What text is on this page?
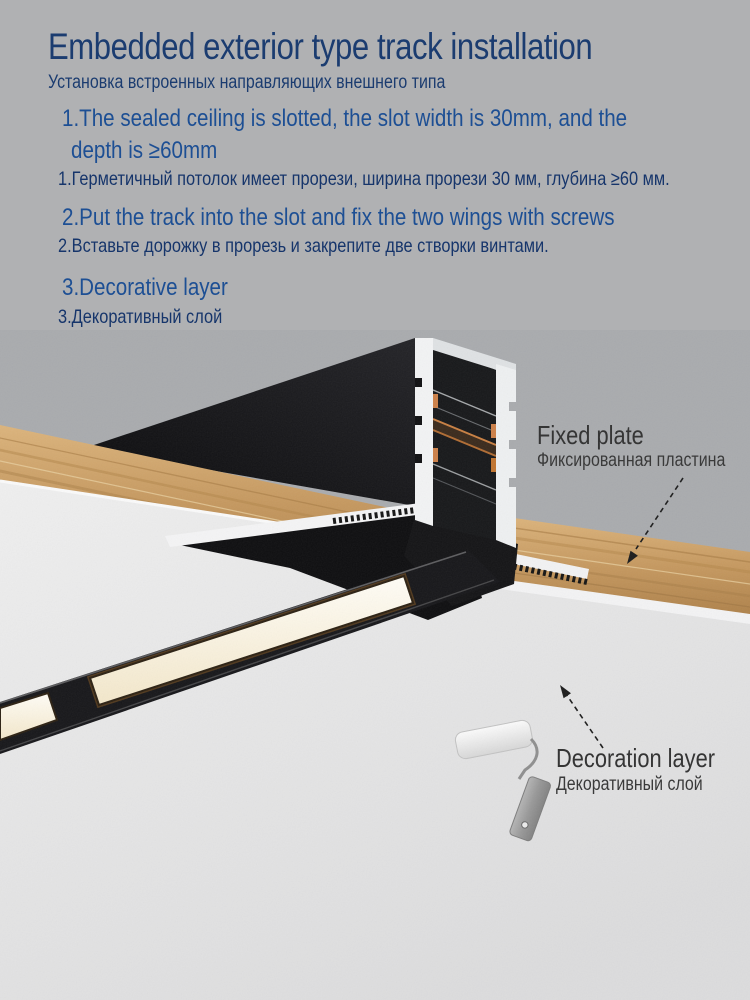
Embedded exterior type track installation
Установка встроенных направляющих внешнего типа
1.The sealed ceiling is slotted, the slot width is 30mm, and the
depth is ≥60mm
1.Герметичный потолок имеет прорези, ширина прорези 30 мм, глубина ≥60 мм.
2.Put the track into the slot and fix the two wings with screws
2.Вставьте дорожку в прорезь и закрепите две створки винтами.
3.Decorative layer
3.Декоративный слой
Fixed plate
Фиксированная пластина
Decoration layer
Декоративный слой
